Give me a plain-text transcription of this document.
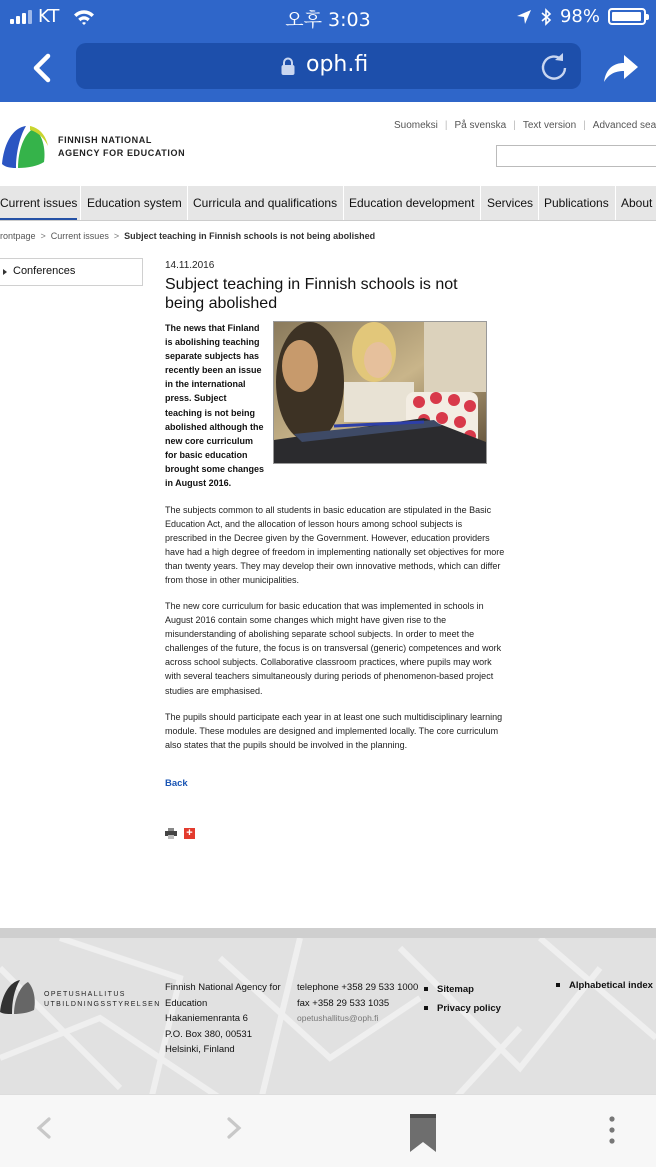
KT	오후 3:03	98%
oph.fi
FINNISH NATIONAL
AGENCY FOR EDUCATION
Suomeksi | På svenska | Text version | Advanced sea
Current issues Education system Curricula and qualifications Education development Services Publications About
rontpage > Current issues > Subject teaching in Finnish schools is not being abolished
Conferences	14.11.2016
Subject teaching in Finnish schools is not being abolished
The news that Finland is abolishing teaching separate subjects has recently been an issue in the international press. Subject teaching is not being abolished although the new core curriculum for basic education brought some changes in August 2016.
The subjects common to all students in basic education are stipulated in the Basic Education Act, and the allocation of lesson hours among school subjects is prescribed in the Decree given by the Government. However, education providers have had a high degree of freedom in implementing nationally set objectives for more than twenty years. They may develop their own innovative methods, which can differ from those in other municipalities.
The new core curriculum for basic education that was implemented in schools in August 2016 contain some changes which might have given rise to the misunderstanding of abolishing separate school subjects. In order to meet the challenges of the future, the focus is on transversal (generic) competences and work across school subjects. Collaborative classroom practices, where pupils may work with several teachers simultaneously during periods of phenomenon-based project studies are emphasised.
The pupils should participate each year in at least one such multidisciplinary learning module. These modules are designed and implemented locally. The core curriculum also states that the pupils should be involved in the planning.
Back
+
OPETUSHALLITUS
UTBILDNINGSSTYRELSEN
Finnish National Agency for
Education
Hakaniemenranta 6
P.O. Box 380, 00531
Helsinki, Finland
telephone +358 29 533 1000
fax +358 29 533 1035
opetushallitus@oph.fi
Sitemap
Privacy policy
Alphabetical index
